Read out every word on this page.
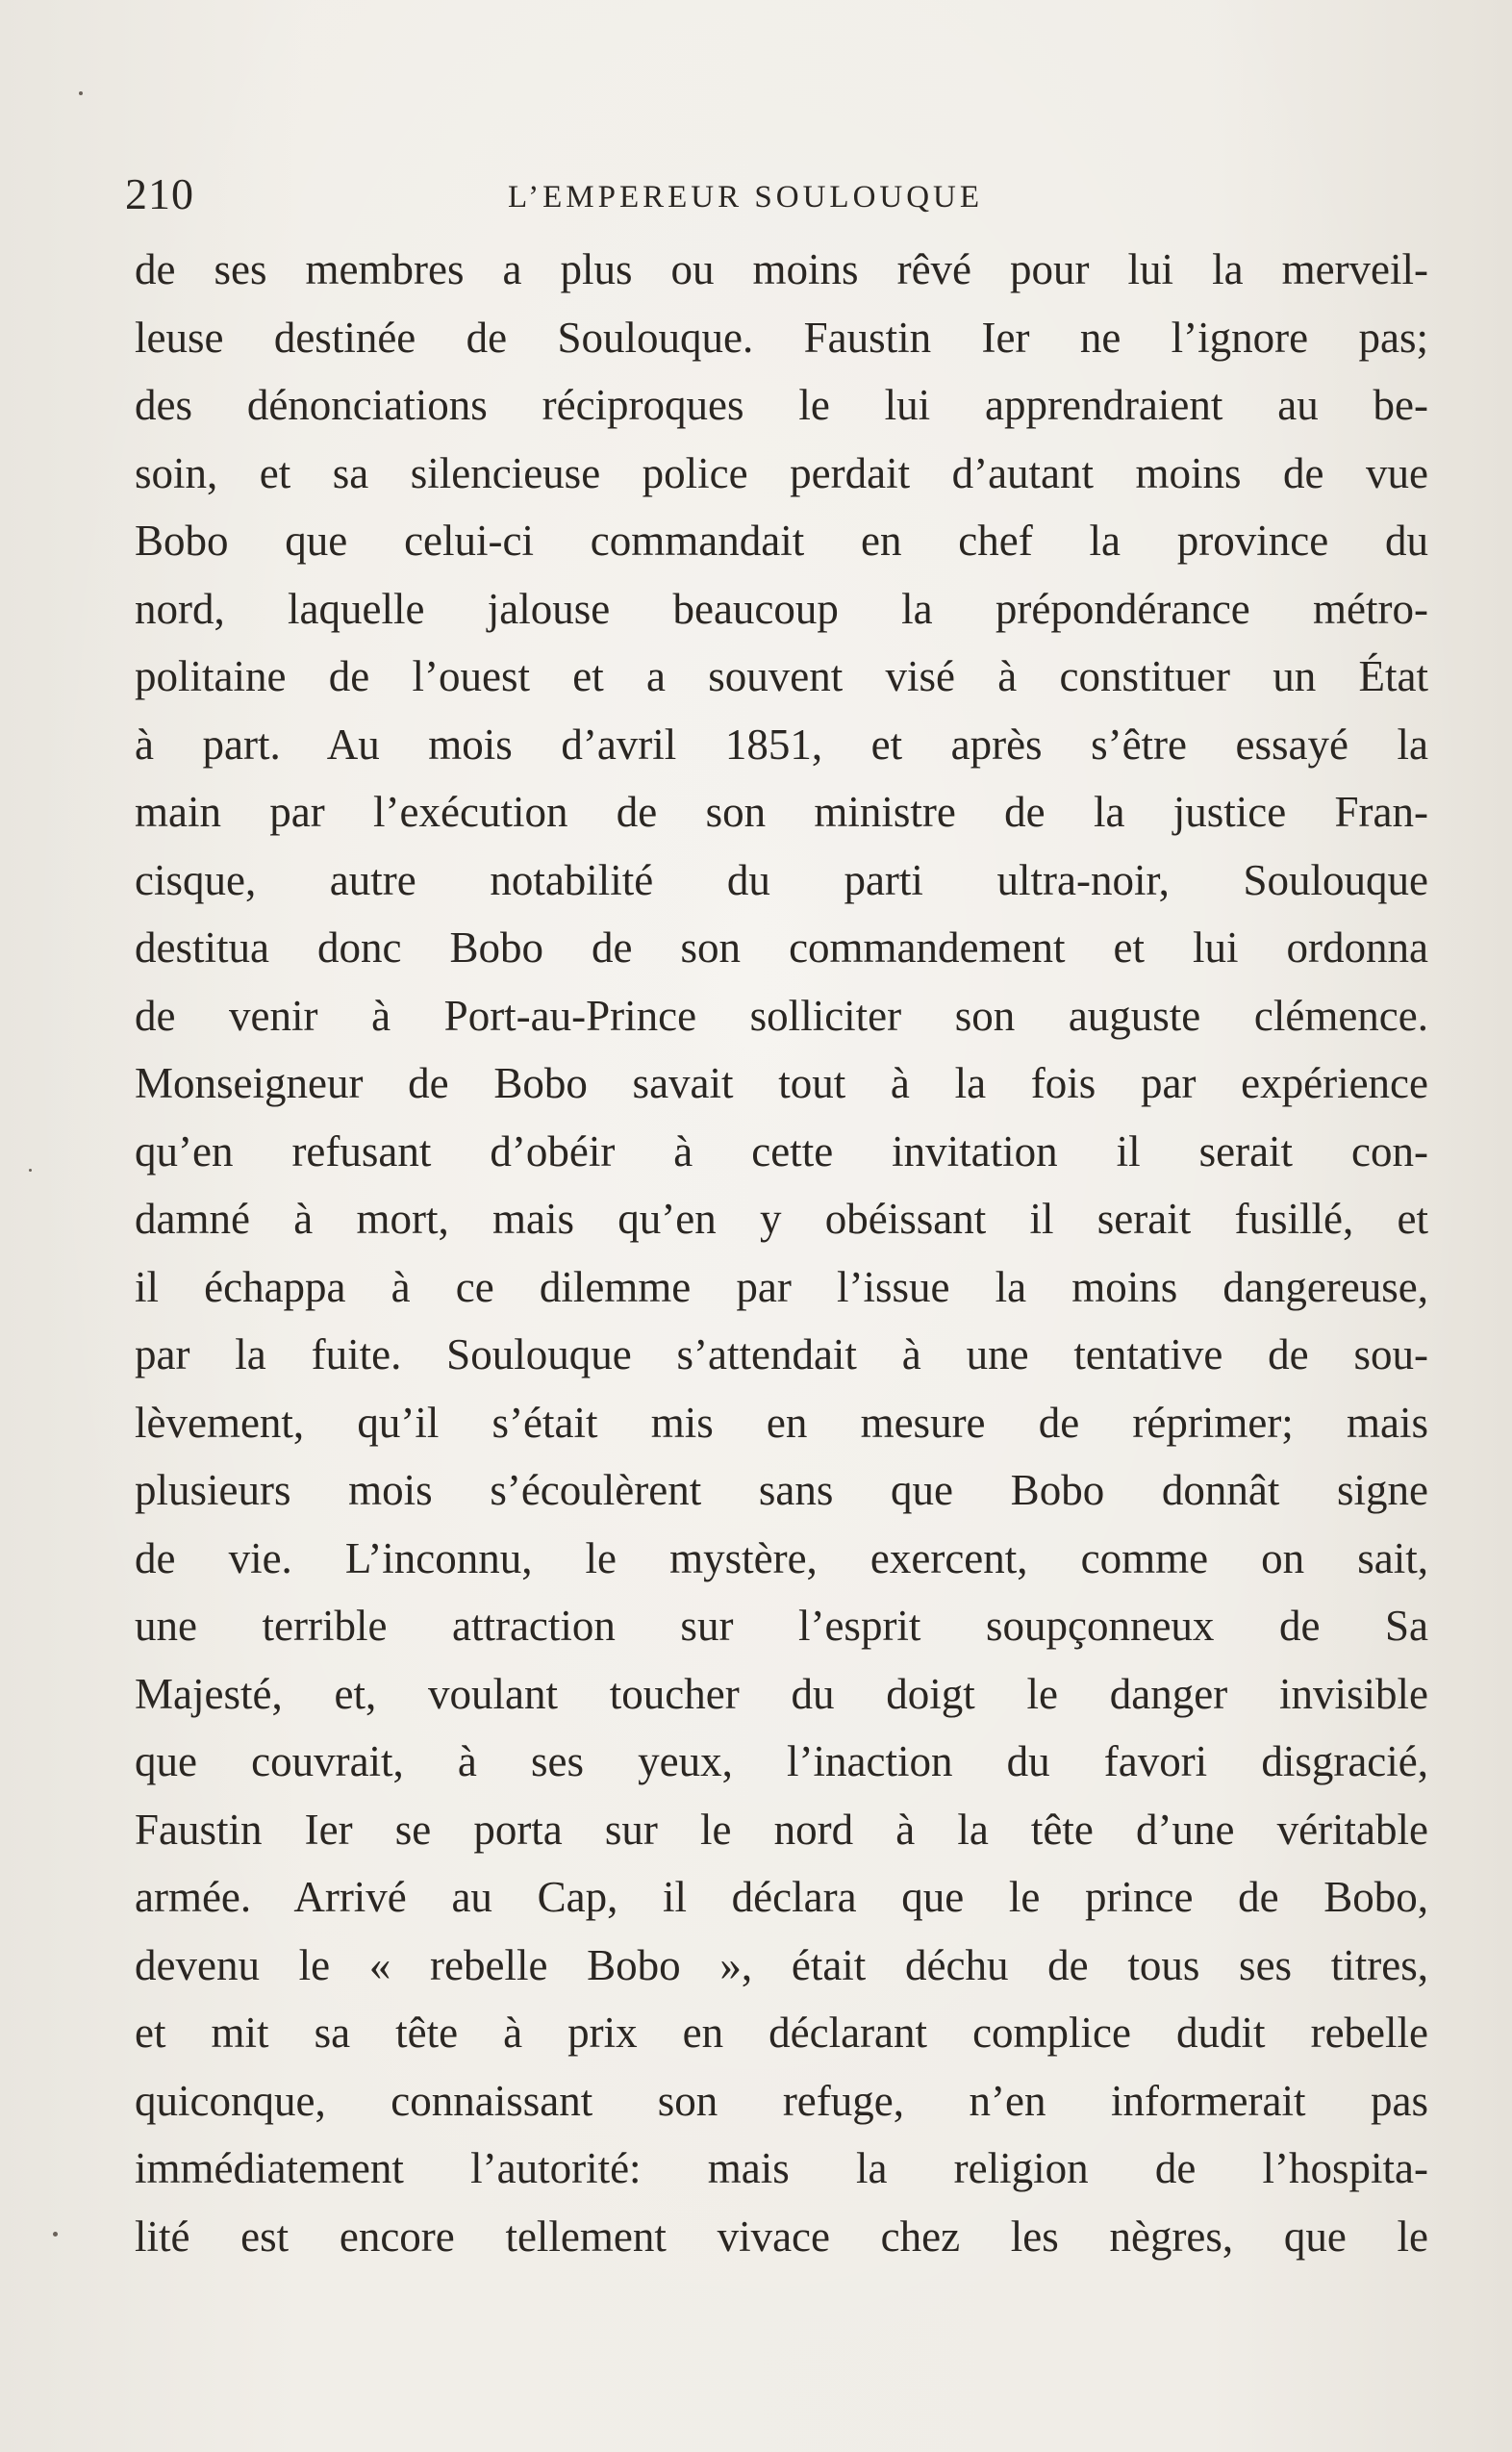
210	L’EMPEREUR SOULOUQUE
de ses membres a plus ou moins rêvé pour lui la merveil-
leuse destinée de Soulouque. Faustin Ier ne l’ignore pas;
des dénonciations réciproques le lui apprendraient au be-
soin, et sa silencieuse police perdait d’autant moins de vue
Bobo que celui-ci commandait en chef la province du
nord, laquelle jalouse beaucoup la prépondérance métro-
politaine de l’ouest et a souvent visé à constituer un État
à part. Au mois d’avril 1851, et après s’être essayé la
main par l’exécution de son ministre de la justice Fran-
cisque, autre notabilité du parti ultra-noir, Soulouque
destitua donc Bobo de son commandement et lui ordonna
de venir à Port-au-Prince solliciter son auguste clémence.
Monseigneur de Bobo savait tout à la fois par expérience
qu’en refusant d’obéir à cette invitation il serait con-
damné à mort, mais qu’en y obéissant il serait fusillé, et
il échappa à ce dilemme par l’issue la moins dangereuse,
par la fuite. Soulouque s’attendait à une tentative de sou-
lèvement, qu’il s’était mis en mesure de réprimer; mais
plusieurs mois s’écoulèrent sans que Bobo donnât signe
de vie. L’inconnu, le mystère, exercent, comme on sait,
une terrible attraction sur l’esprit soupçonneux de Sa
Majesté, et, voulant toucher du doigt le danger invisible
que couvrait, à ses yeux, l’inaction du favori disgracié,
Faustin Ier se porta sur le nord à la tête d’une véritable
armée. Arrivé au Cap, il déclara que le prince de Bobo,
devenu le « rebelle Bobo », était déchu de tous ses titres,
et mit sa tête à prix en déclarant complice dudit rebelle
quiconque, connaissant son refuge, n’en informerait pas
immédiatement l’autorité: mais la religion de l’hospita-
lité est encore tellement vivace chez les nègres, que le
